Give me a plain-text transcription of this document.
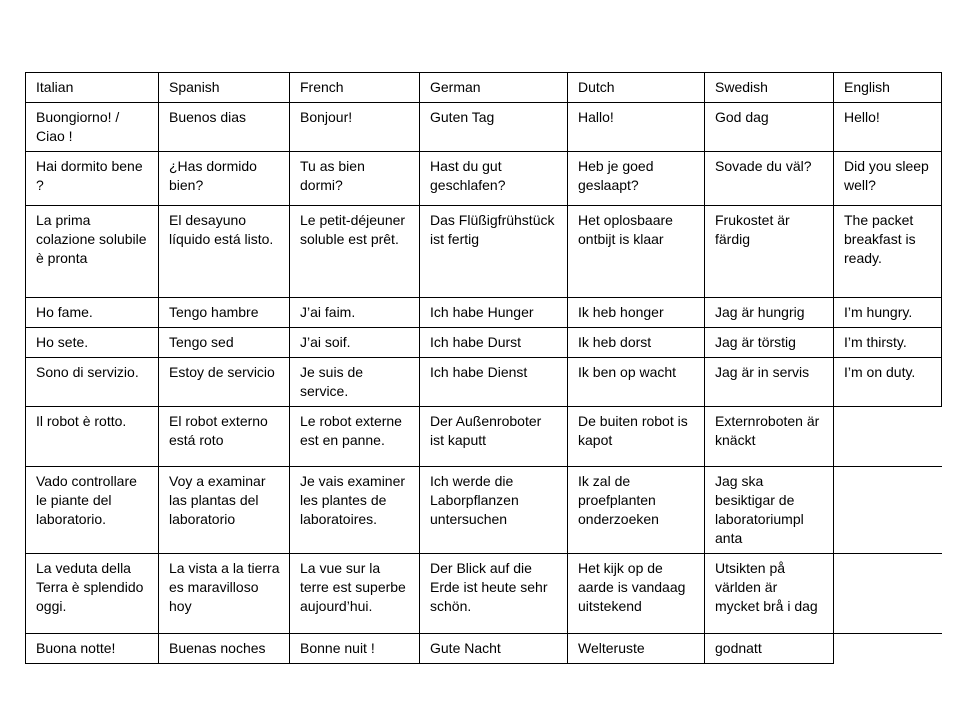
Italian	Spanish	French	German	Dutch	Swedish	English
Buongiorno! / Ciao !	Buenos dias	Bonjour!	Guten Tag	Hallo!	God dag	Hello!
Hai dormito bene ?	¿Has dormido bien?	Tu as bien dormi?	Hast du gut geschlafen?	Heb je goed geslaapt?	Sovade du väl?	Did you sleep well?
La prima colazione solubile è pronta	El desayuno líquido está listo.	Le petit-déjeuner soluble est prêt.	Das Flüßigfrühstück ist fertig	Het oplosbaare ontbijt is klaar	Frukostet är färdig	The packet breakfast is ready.
Ho fame.	Tengo hambre	J’ai faim.	Ich habe Hunger	Ik heb honger	Jag är hungrig	I’m hungry.
Ho sete.	Tengo sed	J’ai soif.	Ich habe Durst	Ik heb dorst	Jag är törstig	I’m thirsty.
Sono di servizio.	Estoy de servicio	Je suis de service.	Ich habe Dienst	Ik ben op wacht	Jag är in servis	I’m on duty.
Il robot è rotto.	El robot externo está roto	Le robot externe est en panne.	Der Außenroboter ist kaputt	De buiten robot is kapot	Externroboten är knäckt	
Vado controllare le piante del laboratorio.	Voy a examinar las plantas del laboratorio	Je vais examiner les plantes de laboratoires.	Ich werde die Laborpflanzen untersuchen	Ik zal de proefplanten onderzoeken	Jag ska besiktigar de laboratoriumpl anta	
La veduta della Terra è splendido oggi.	La vista a la tierra es maravilloso hoy	La vue sur la terre est superbe aujourd’hui.	Der Blick auf die Erde ist heute sehr schön.	Het kijk op de aarde is vandaag uitstekend	Utsikten på världen är mycket brå i dag	
Buona notte!	Buenas noches	Bonne nuit !	Gute Nacht	Welteruste	godnatt	
